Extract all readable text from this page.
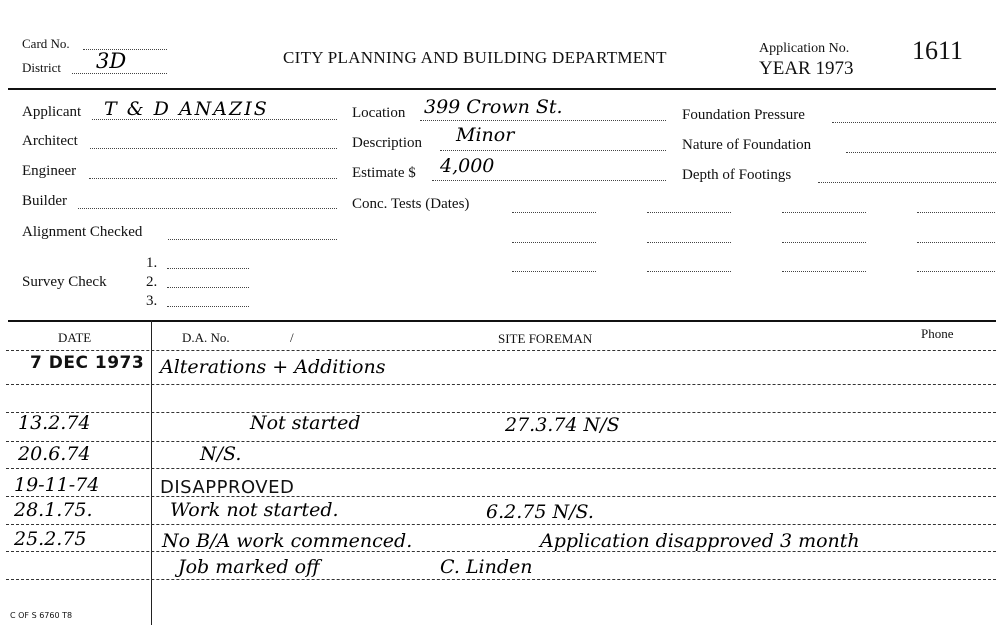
Card No.
District 3D	CITY PLANNING AND BUILDING DEPARTMENT	Application No.
YEAR 1973
1611
Applicant T & D ANAZIS
Architect
Engineer
Builder
Alignment Checked
Survey Check
1.
2.
3.
Location 399 Crown St.
Description Minor
Estimate $ 4,000
Conc. Tests (Dates)
Foundation Pressure
Nature of Foundation
Depth of Footings
DATE	D.A. No.	/	SITE FOREMAN	Phone
7 DEC 1973 Alterations + Additions
13.2.74	Not started	27.3.74 N/S
20.6.74	N/S.
19-11-74	DISAPPROVED
28.1.75.	Work not started.	6.2.75 N/S.
25.2.75	No B/A work commenced.	Application disapproved 3 month
Job marked off	C. Linden
C OF S 6760 T8
